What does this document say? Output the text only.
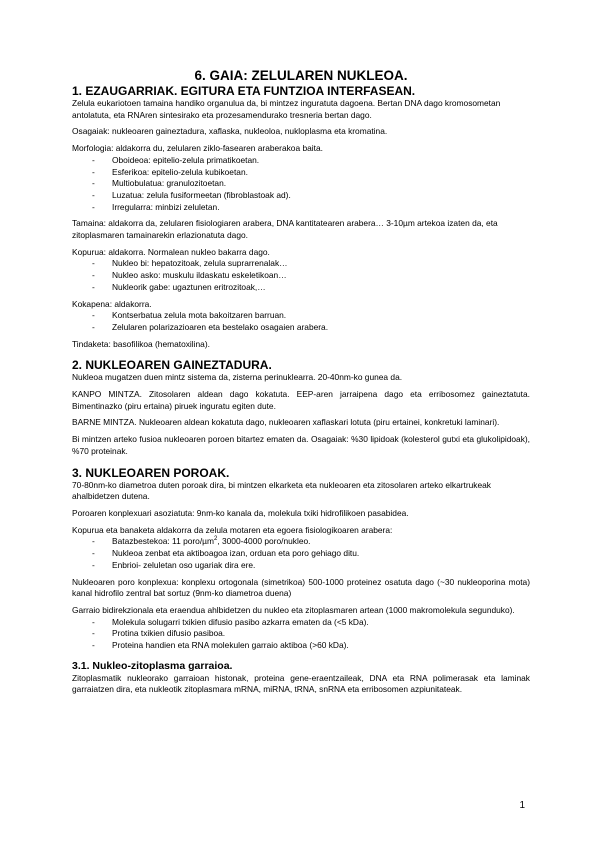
6. GAIA: ZELULAREN NUKLEOA.
1. EZAUGARRIAK. EGITURA ETA FUNTZIOA INTERFASEAN.

Zelula eukariotoen tamaina handiko organulua da, bi mintzez inguratuta dagoena. Bertan DNA dago kromosometan antolatuta, eta RNAren sintesirako eta prozesamendurako tresneria bertan dago.

Osagaiak: nukleoaren gaineztadura, xaflaska, nukleoloa, nukloplasma eta kromatina.

Morfologia: aldakorra du, zelularen ziklo-fasearen araberakoa baita.

- Oboideoa: epitelio-zelula primatikoetan.
- Esferikoa: epitelio-zelula kubikoetan.
- Multiobulatua: granulozitoetan.
- Luzatua: zelula fusiformeetan (fibroblastoak ad).
- Irregularra: minbizi zeluletan.

Tamaina: aldakorra da, zelularen fisiologiaren arabera, DNA kantitatearen arabera… 3-10µm artekoa izaten da, eta zitoplasmaren tamainarekin erlazionatuta dago.

Kopurua: aldakorra. Normalean nukleo bakarra dago.

- Nukleo bi: hepatozitoak, zelula suprarrenalak…
- Nukleo asko: muskulu ildaskatu eskeletikoan…
- Nukleorik gabe: ugaztunen eritrozitoak,…

Kokapena: aldakorra.

- Kontserbatua zelula mota bakoitzaren barruan.
- Zelularen polarizazioaren eta bestelako osagaien arabera.

Tindaketa: basofilikoa (hematoxilina).

2. NUKLEOAREN GAINEZTADURA.

Nukleoa mugatzen duen mintz sistema da, zisterna perinuklearra. 20-40nm-ko gunea da.

KANPO MINTZA. Zitosolaren aldean dago kokatuta. EEP-aren jarraipena dago eta erribosomez gaineztatuta. Bimentinazko (piru ertaina) piruek inguratu egiten dute.

BARNE MINTZA. Nukleoaren aldean kokatuta dago, nukleoaren xaflaskari lotuta (piru ertainei, konkretuki laminari).

Bi mintzen arteko fusioa nukleoaren poroen bitartez ematen da. Osagaiak: %30 lipidoak (kolesterol gutxi eta glukolipidoak), %70 proteinak.

3. NUKLEOAREN POROAK.

70-80nm-ko diametroa duten poroak dira, bi mintzen elkarketa eta nukleoaren eta zitosolaren arteko elkartrukeak ahalbidetzen dutena.

Poroaren konplexuari asoziatuta: 9nm-ko kanala da, molekula txiki hidrofilikoen pasabidea.

Kopurua eta banaketa aldakorra da zelula motaren eta egoera fisiologikoaren arabera:

- Batazbestekoa: 11 poro/µm$^2$, 3000-4000 poro/nukleo.
- Nukleoa zenbat eta aktiboagoa izan, orduan eta poro gehiago ditu.
- Enbrioi- zeluletan oso ugariak dira ere.

Nukleoaren poro konplexua: konplexu ortogonala (simetrikoa) 500-1000 proteinez osatuta dago (~30 nukleoporina mota) kanal hidrofilo zentral bat sortuz (9nm-ko diametroa duena)

Garraio bidirekzionala eta eraendua ahlbidetzen du nukleo eta zitoplasmaren artean (1000 makromolekula segunduko).

- Molekula solugarri txikien difusio pasibo azkarra ematen da (<5 kDa).
- Protina txikien difusio pasiboa.
- Proteina handien eta RNA molekulen garraio aktiboa (>60 kDa).
3.1. Nukleo-zitoplasma garraioa.

Zitoplasmatik nukleorako garraioan histonak, proteina gene-eraentzaileak, DNA eta RNA polimerasak eta laminak garraiatzen dira, eta nukleotik zitoplasmara mRNA, miRNA, tRNA, snRNA eta erribosomen azpiunitateak.

1
